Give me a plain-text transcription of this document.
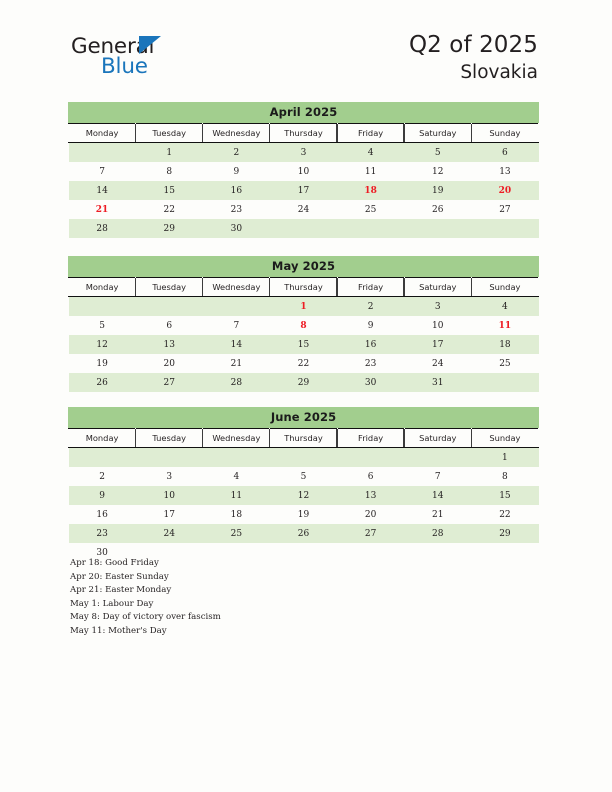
General
Blue
Q2 of 2025
Slovakia
April 2025
Monday	Tuesday	Wednesday	Thursday	Friday	Saturday	Sunday
	1	2	3	4	5	6
7	8	9	10	11	12	13
14	15	16	17	18	19	20
21	22	23	24	25	26	27
28	29	30				
May 2025
Monday	Tuesday	Wednesday	Thursday	Friday	Saturday	Sunday
			1	2	3	4
5	6	7	8	9	10	11
12	13	14	15	16	17	18
19	20	21	22	23	24	25
26	27	28	29	30	31	
June 2025
Monday	Tuesday	Wednesday	Thursday	Friday	Saturday	Sunday
						1
2	3	4	5	6	7	8
9	10	11	12	13	14	15
16	17	18	19	20	21	22
23	24	25	26	27	28	29
30						
Apr 18: Good Friday
Apr 20: Easter Sunday
Apr 21: Easter Monday
May 1: Labour Day
May 8: Day of victory over fascism
May 11: Mother's Day
